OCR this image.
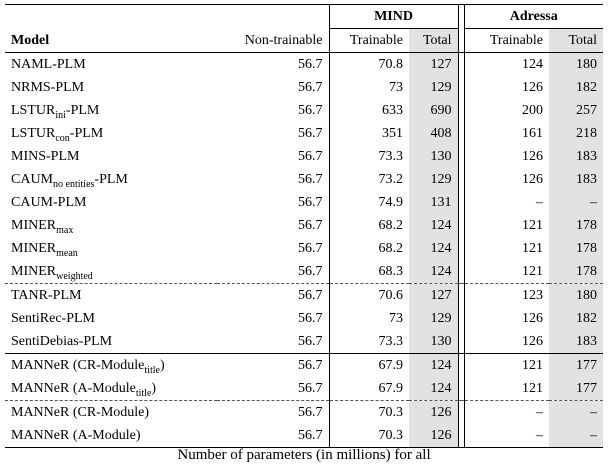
		MIND			Adressa	
Model	Non-trainable	Trainable	Total		Trainable	Total
NAML-PLM	56.7	70.8	127		124	180
NRMS-PLM	56.7	73	129		126	182
$LSTUR_{ini}$-PLM	56.7	633	690		200	257
$LSTUR_{con}$-PLM	56.7	351	408		161	218
MINS-PLM	56.7	73.3	130		126	183
$CAUM_{no entities}$-PLM	56.7	73.2	129		126	183
CAUM-PLM	56.7	74.9	131		–	–
$MINER_{max}$	56.7	68.2	124		121	178
$MINER_{mean}$	56.7	68.2	124		121	178
$MINER_{weighted}$	56.7	68.3	124		121	178
TANR-PLM	56.7	70.6	127		123	180
SentiRec-PLM	56.7	73	129		126	182
SentiDebias-PLM	56.7	73.3	130		126	183
MANNeR (CR-Module$_{title}$)	56.7	67.9	124		121	177
MANNeR (A-Module$_{title}$)	56.7	67.9	124		121	177
MANNeR (CR-Module)	56.7	70.3	126		–	–
MANNeR (A-Module)	56.7	70.3	126		–	–
Number of parameters (in millions) for all
